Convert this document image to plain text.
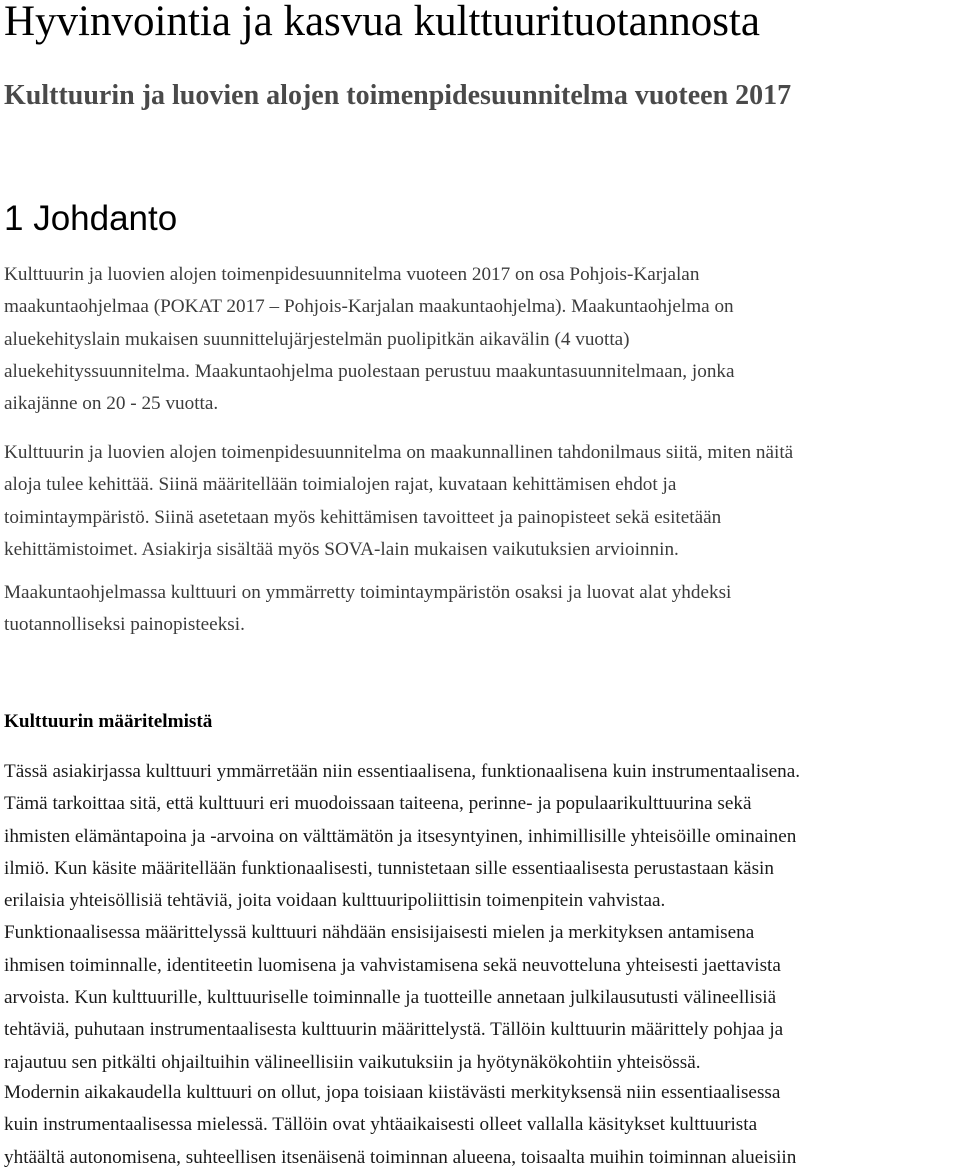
Hyvinvointia ja kasvua kulttuurituotannosta
Kulttuurin ja luovien alojen toimenpidesuunnitelma vuoteen 2017
1 Johdanto

Kulttuurin ja luovien alojen toimenpidesuunnitelma vuoteen 2017 on osa Pohjois-Karjalan
maakuntaohjelmaa (POKAT 2017 – Pohjois-Karjalan maakuntaohjelma). Maakuntaohjelma on
aluekehityslain mukaisen suunnittelujärjestelmän puolipitkän aikavälin (4 vuotta)
aluekehityssuunnitelma. Maakuntaohjelma puolestaan perustuu maakuntasuunnitelmaan, jonka
aikajänne on 20 - 25 vuotta.

Kulttuurin ja luovien alojen toimenpidesuunnitelma on maakunnallinen tahdonilmaus siitä, miten näitä
aloja tulee kehittää. Siinä määritellään toimialojen rajat, kuvataan kehittämisen ehdot ja
toimintaympäristö. Siinä asetetaan myös kehittämisen tavoitteet ja painopisteet sekä esitetään
kehittämistoimet. Asiakirja sisältää myös SOVA-lain mukaisen vaikutuksien arvioinnin.

Maakuntaohjelmassa kulttuuri on ymmärretty toimintaympäristön osaksi ja luovat alat yhdeksi
tuotannolliseksi painopisteeksi.

Kulttuurin määritelmistä

Tässä asiakirjassa kulttuuri ymmärretään niin essentiaalisena, funktionaalisena kuin instrumentaalisena.
Tämä tarkoittaa sitä, että kulttuuri eri muodoissaan taiteena, perinne- ja populaarikulttuurina sekä
ihmisten elämäntapoina ja -arvoina on välttämätön ja itsesyntyinen, inhimillisille yhteisöille ominainen
ilmiö. Kun käsite määritellään funktionaalisesti, tunnistetaan sille essentiaalisesta perustastaan käsin
erilaisia yhteisöllisiä tehtäviä, joita voidaan kulttuuripoliittisin toimenpitein vahvistaa.
Funktionaalisessa määrittelyssä kulttuuri nähdään ensisijaisesti mielen ja merkityksen antamisena
ihmisen toiminnalle, identiteetin luomisena ja vahvistamisena sekä neuvotteluna yhteisesti jaettavista
arvoista. Kun kulttuurille, kulttuuriselle toiminnalle ja tuotteille annetaan julkilausutusti välineellisiä
tehtäviä, puhutaan instrumentaalisesta kulttuurin määrittelystä. Tällöin kulttuurin määrittely pohjaa ja
rajautuu sen pitkälti ohjailtuihin välineellisiin vaikutuksiin ja hyötynäkökohtiin yhteisössä.

Modernin aikakaudella kulttuuri on ollut, jopa toisiaan kiistävästi merkityksensä niin essentiaalisessa
kuin instrumentaalisessa mielessä. Tällöin ovat yhtäaikaisesti olleet vallalla käsitykset kulttuurista
yhtäältä autonomisena, suhteellisen itsenäisenä toiminnan alueena, toisaalta muihin toiminnan alueisiin
